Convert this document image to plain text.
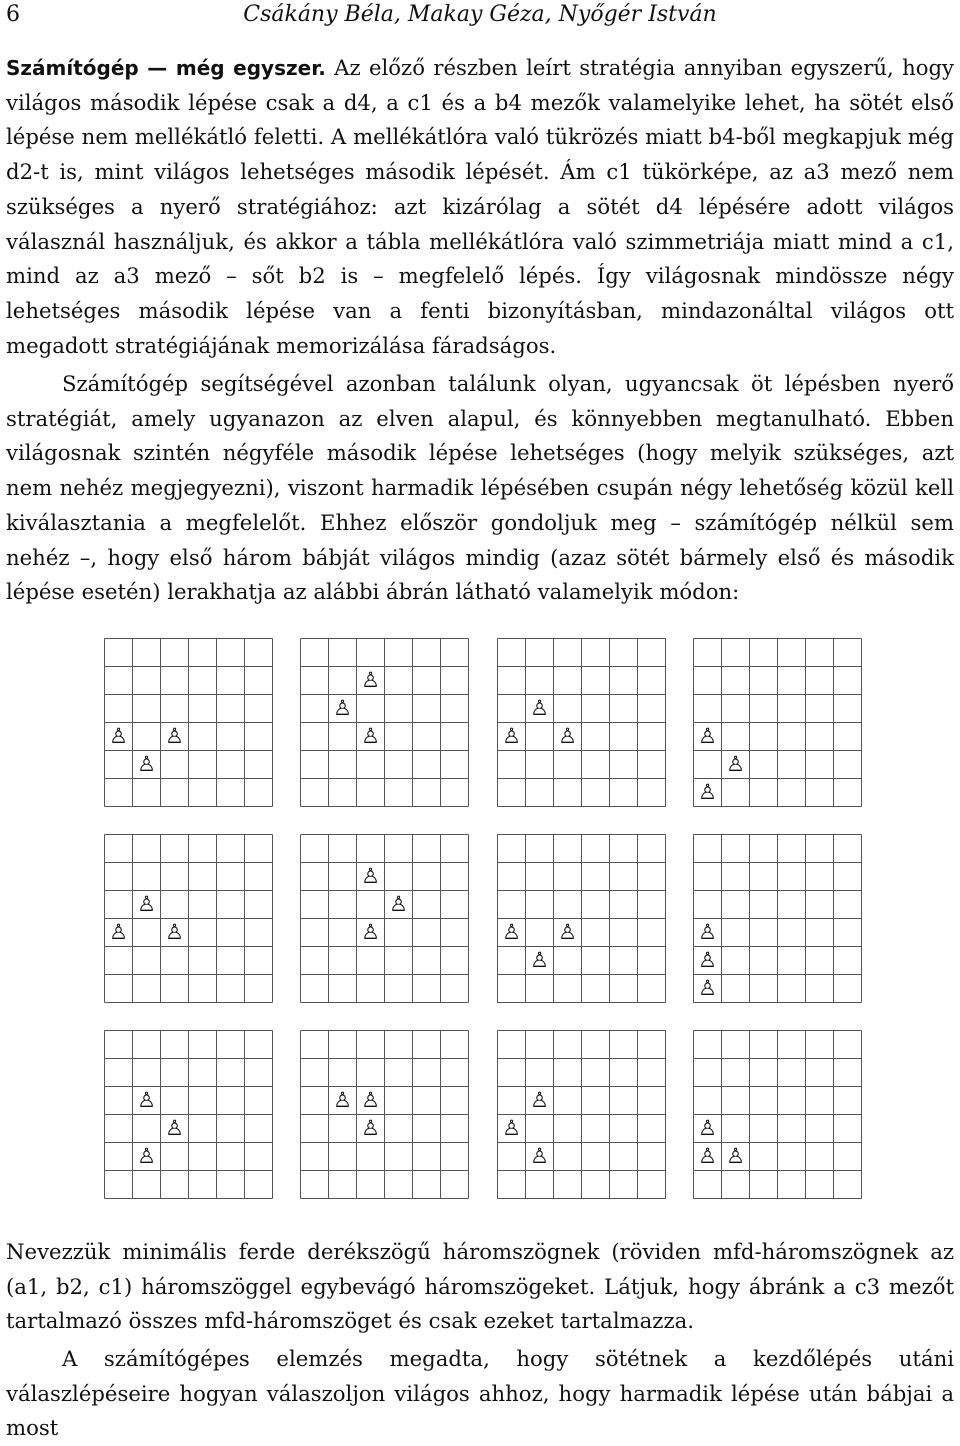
6	Csákány Béla, Makay Géza, Nyőgér István

Számítógép — még egyszer. Az előző részben leírt stratégia annyiban egyszerű, hogy világos második lépése csak a d4, a c1 és a b4 mezők valamelyike lehet, ha sötét első lépése nem mellékátló feletti. A mellékátlóra való tükrözés miatt b4-ből megkapjuk még d2-t is, mint világos lehetséges második lépését. Ám c1 tükörképe, az a3 mező nem szükséges a nyerő stratégiához: azt kizárólag a sötét d4 lépésére adott világos válasznál használjuk, és akkor a tábla mellékátlóra való szimmetriája miatt mind a c1, mind az a3 mező – sőt b2 is – megfelelő lépés. Így világosnak mindössze négy lehetséges második lépése van a fenti bizonyításban, mindazonáltal világos ott megadott stratégiájának memorizálása fáradságos.

Számítógép segítségével azonban találunk olyan, ugyancsak öt lépésben nyerő stratégiát, amely ugyanazon az elven alapul, és könnyebben megtanulható. Ebben világosnak szintén négyféle második lépése lehetséges (hogy melyik szükséges, azt nem nehéz megjegyezni), viszont harmadik lépésében csupán négy lehetőség közül kell kiválasztania a megfelelőt. Ehhez először gondoljuk meg – számítógép nélkül sem nehéz –, hogy első három bábját világos mindig (azaz sötét bármely első és második lépése esetén) lerakhatja az alábbi ábrán látható valamelyik módon:

♙ ♙
♙
♙
♙
♙
♙
♙ ♙	♙
♙
♙
♙
♙ ♙
♙
♙
♙	♙ ♙
♙
♙
♙
♙
♙
♙
♙
♙ ♙
♙
♙
♙
♙
♙
♙ ♙

Nevezzük minimális ferde derékszögű háromszögnek (röviden mfd-háromszögnek az (a1, b2, c1) háromszöggel egybevágó háromszögeket. Látjuk, hogy ábránk a c3 mezőt tartalmazó összes mfd-háromszöget és csak ezeket tartalmazza.

A számítógépes elemzés megadta, hogy sötétnek a kezdőlépés utáni válaszlépéseire hogyan válaszoljon világos ahhoz, hogy harmadik lépése után bábjai a most
